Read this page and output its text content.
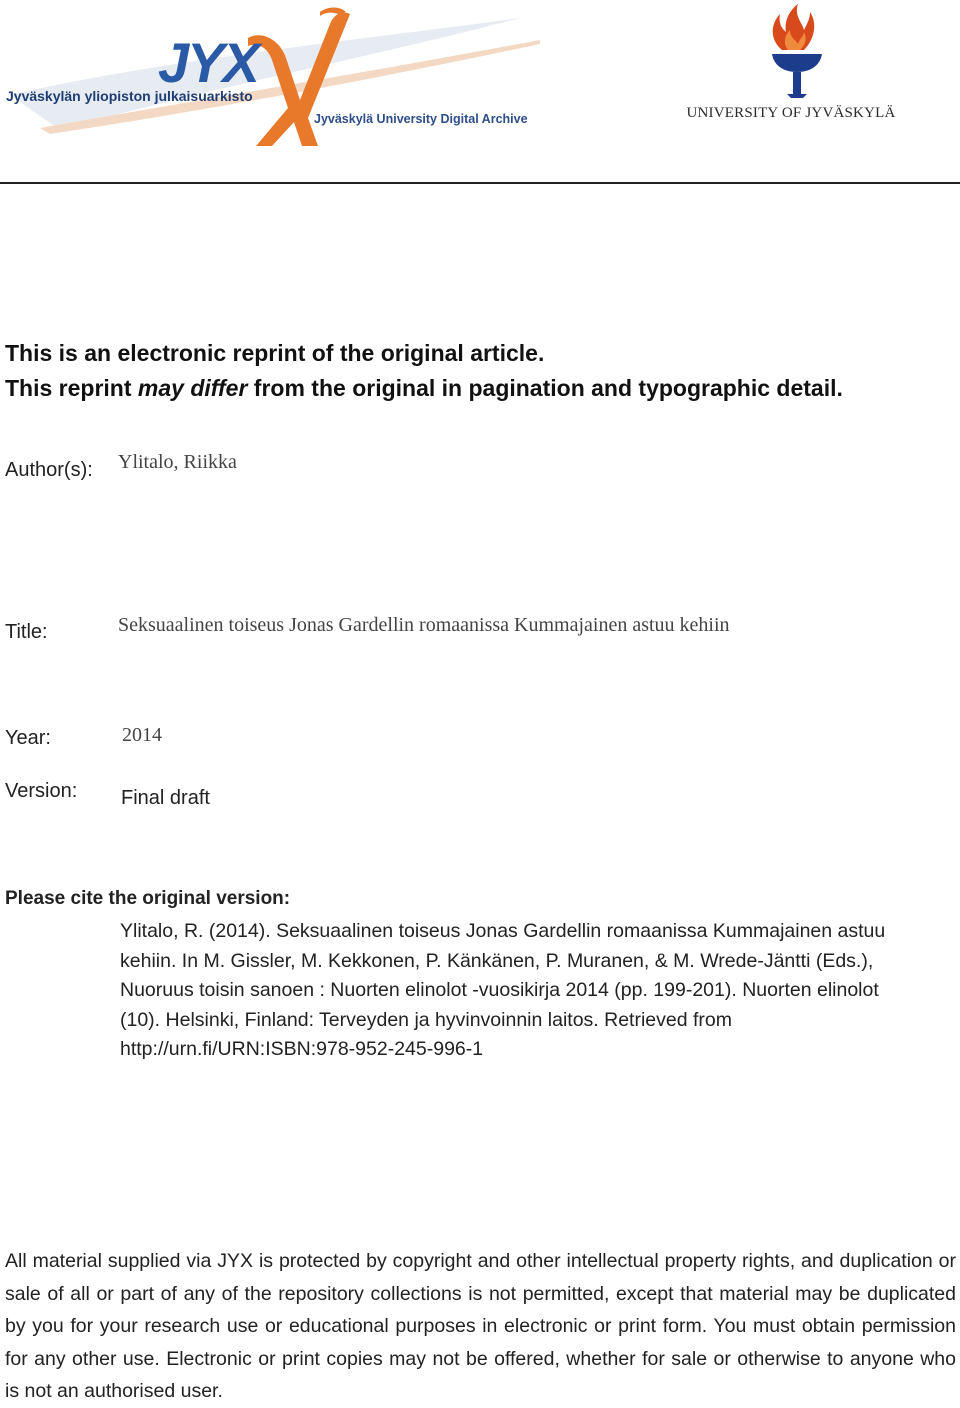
JYX
Jyväskylän yliopiston julkaisuarkisto
Jyväskylä University Digital Archive	UNIVERSITY OF JYVÄSKYLÄ
This is an electronic reprint of the original article.
This reprint may differ from the original in pagination and typographic detail.
Author(s): Ylitalo, Riikka
Title:	Seksuaalinen toiseus Jonas Gardellin romaanissa Kummajainen astuu kehiin
Year:	2014
Version: Final draft
Please cite the original version:
Ylitalo, R. (2014). Seksuaalinen toiseus Jonas Gardellin romaanissa Kummajainen astuu kehiin. In M. Gissler, M. Kekkonen, P. Känkänen, P. Muranen, & M. Wrede-Jäntti (Eds.), Nuoruus toisin sanoen : Nuorten elinolot -vuosikirja 2014 (pp. 199-201). Nuorten elinolot (10). Helsinki, Finland: Terveyden ja hyvinvoinnin laitos. Retrieved from http://urn.fi/URN:ISBN:978-952-245-996-1
All material supplied via JYX is protected by copyright and other intellectual property rights, and duplication or sale of all or part of any of the repository collections is not permitted, except that material may be duplicated by you for your research use or educational purposes in electronic or print form. You must obtain permission for any other use. Electronic or print copies may not be offered, whether for sale or otherwise to anyone who is not an authorised user.
